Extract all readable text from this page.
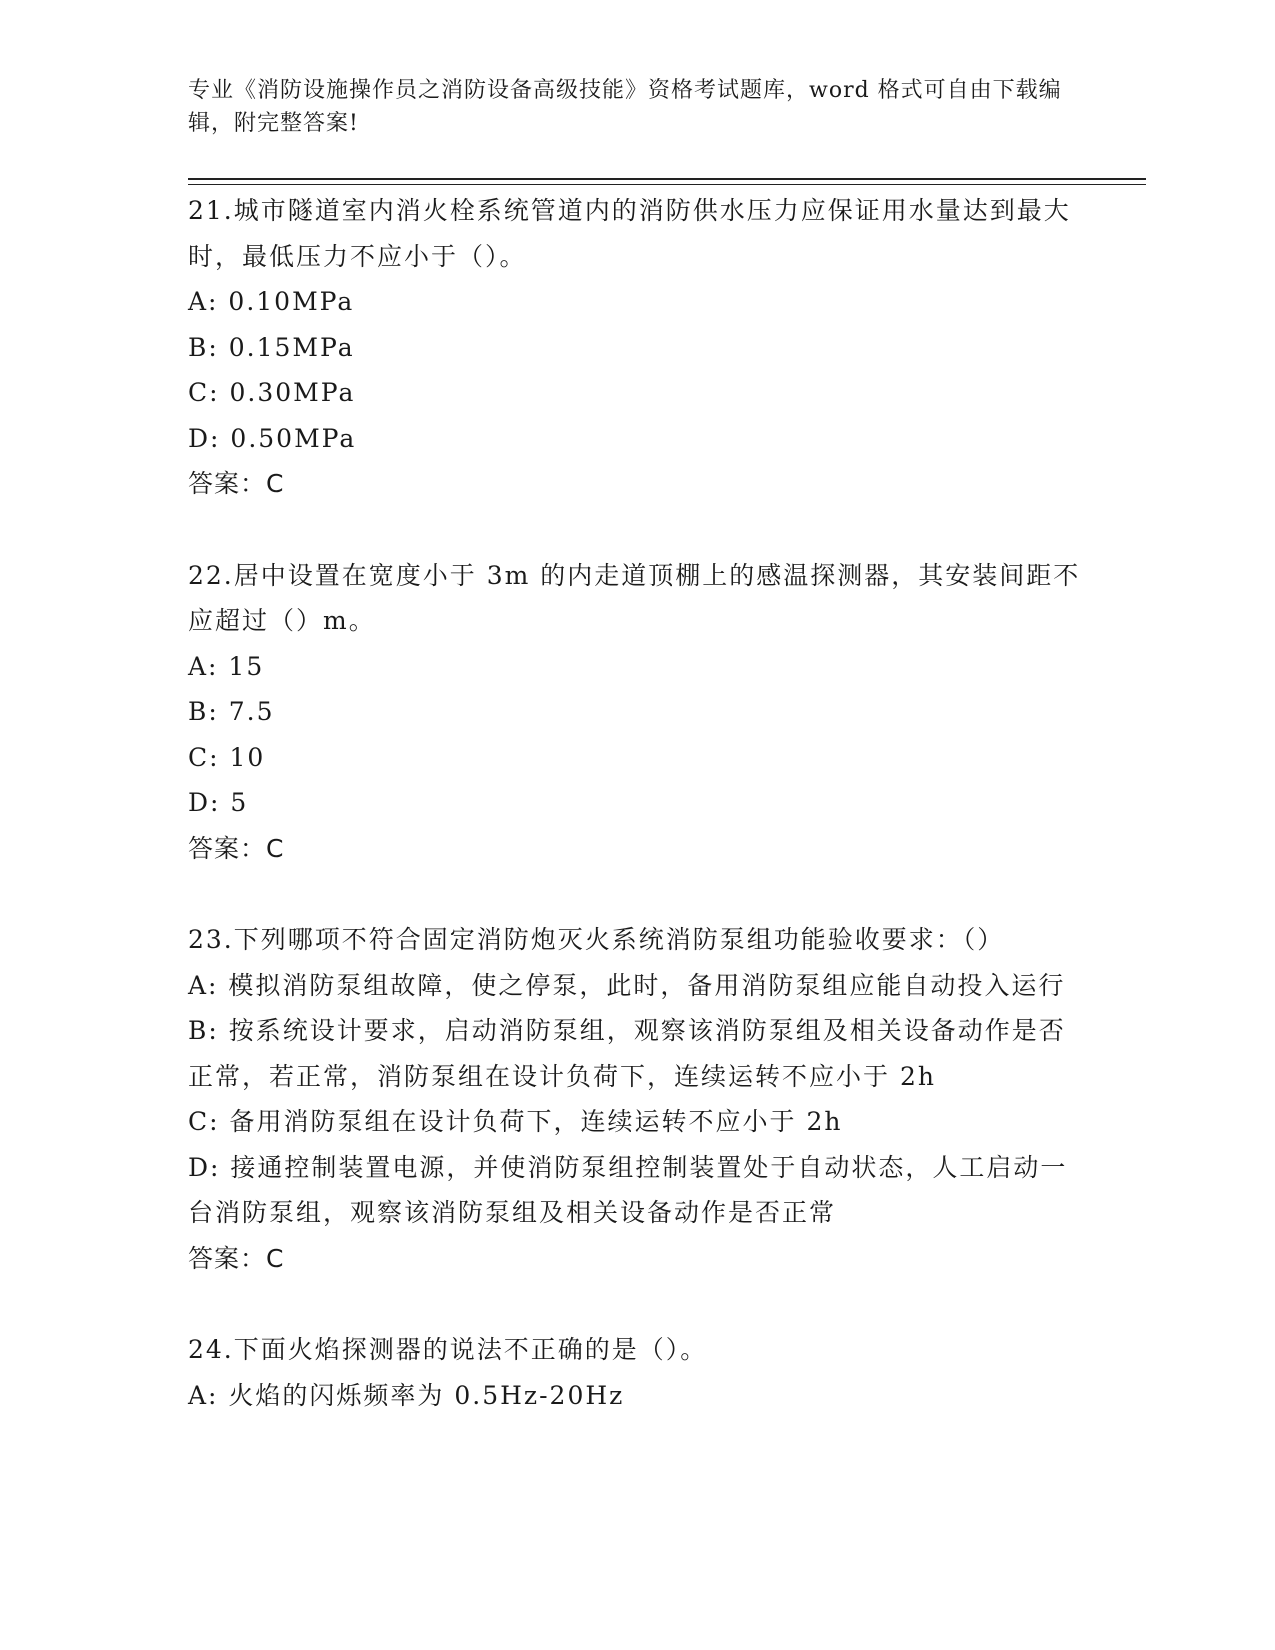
专业《消防设施操作员之消防设备高级技能》资格考试题库，word 格式可自由下载编辑，附完整答案!
21.城市隧道室内消火栓系统管道内的消防供水压力应保证用水量达到最大时，最低压力不应小于（）。
A: 0.10MPa
B: 0.15MPa
C: 0.30MPa
D: 0.50MPa
答案：C
22.居中设置在宽度小于 3m 的内走道顶棚上的感温探测器，其安装间距不应超过（）m。
A: 15
B: 7.5
C: 10
D: 5
答案：C
23.下列哪项不符合固定消防炮灭火系统消防泵组功能验收要求：（）
A: 模拟消防泵组故障，使之停泵，此时，备用消防泵组应能自动投入运行
B: 按系统设计要求，启动消防泵组，观察该消防泵组及相关设备动作是否正常，若正常，消防泵组在设计负荷下，连续运转不应小于 2h
C: 备用消防泵组在设计负荷下，连续运转不应小于 2h
D: 接通控制装置电源，并使消防泵组控制装置处于自动状态，人工启动一台消防泵组，观察该消防泵组及相关设备动作是否正常
答案：C
24.下面火焰探测器的说法不正确的是（）。
A: 火焰的闪烁频率为 0.5Hz-20Hz
